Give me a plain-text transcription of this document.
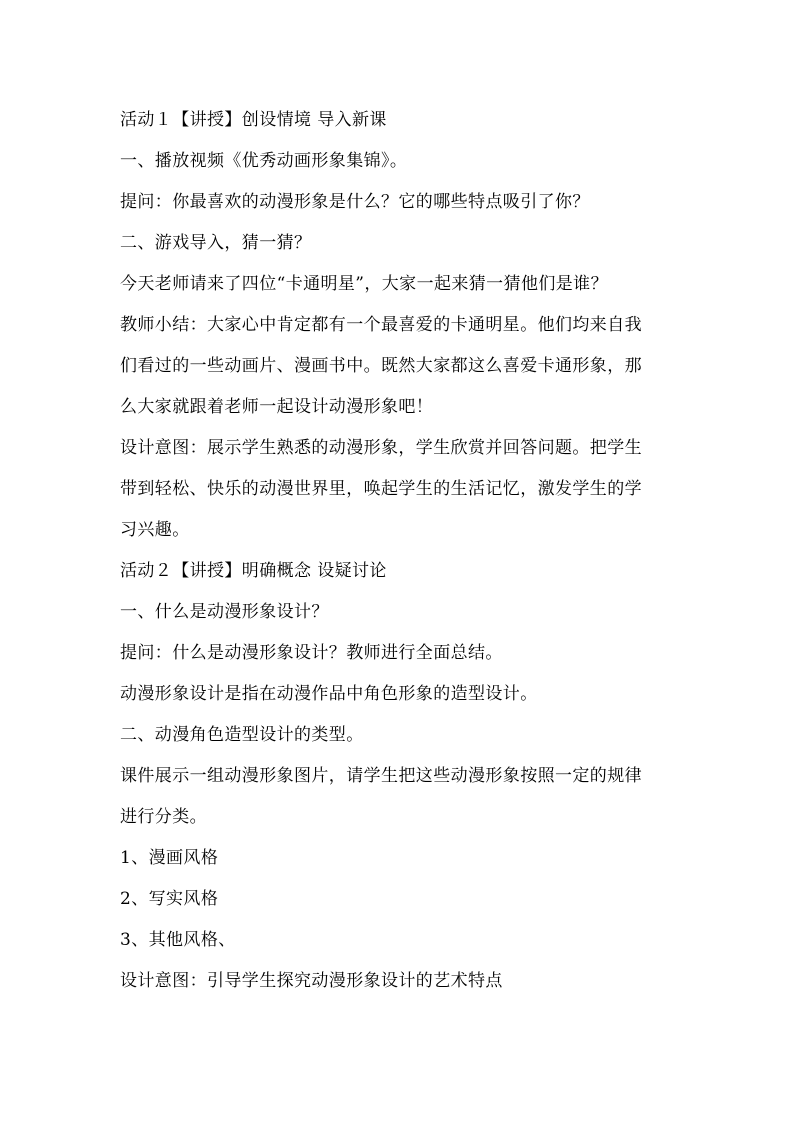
活动１【讲授】创设情境 导入新课
一、播放视频《优秀动画形象集锦》。
提问：你最喜欢的动漫形象是什么？它的哪些特点吸引了你？
二、游戏导入，猜一猜？
今天老师请来了四位“卡通明星”，大家一起来猜一猜他们是谁？
教师小结：大家心中肯定都有一个最喜爱的卡通明星。他们均来自我
们看过的一些动画片、漫画书中。既然大家都这么喜爱卡通形象，那
么大家就跟着老师一起设计动漫形象吧！
设计意图：展示学生熟悉的动漫形象，学生欣赏并回答问题。把学生
带到轻松、快乐的动漫世界里，唤起学生的生活记忆，激发学生的学
习兴趣。
活动２【讲授】明确概念 设疑讨论
一、什么是动漫形象设计？
提问：什么是动漫形象设计？教师进行全面总结。
动漫形象设计是指在动漫作品中角色形象的造型设计。
二、动漫角色造型设计的类型。
课件展示一组动漫形象图片，请学生把这些动漫形象按照一定的规律
进行分类。
1、漫画风格
2、写实风格
3、其他风格、
设计意图：引导学生探究动漫形象设计的艺术特点
